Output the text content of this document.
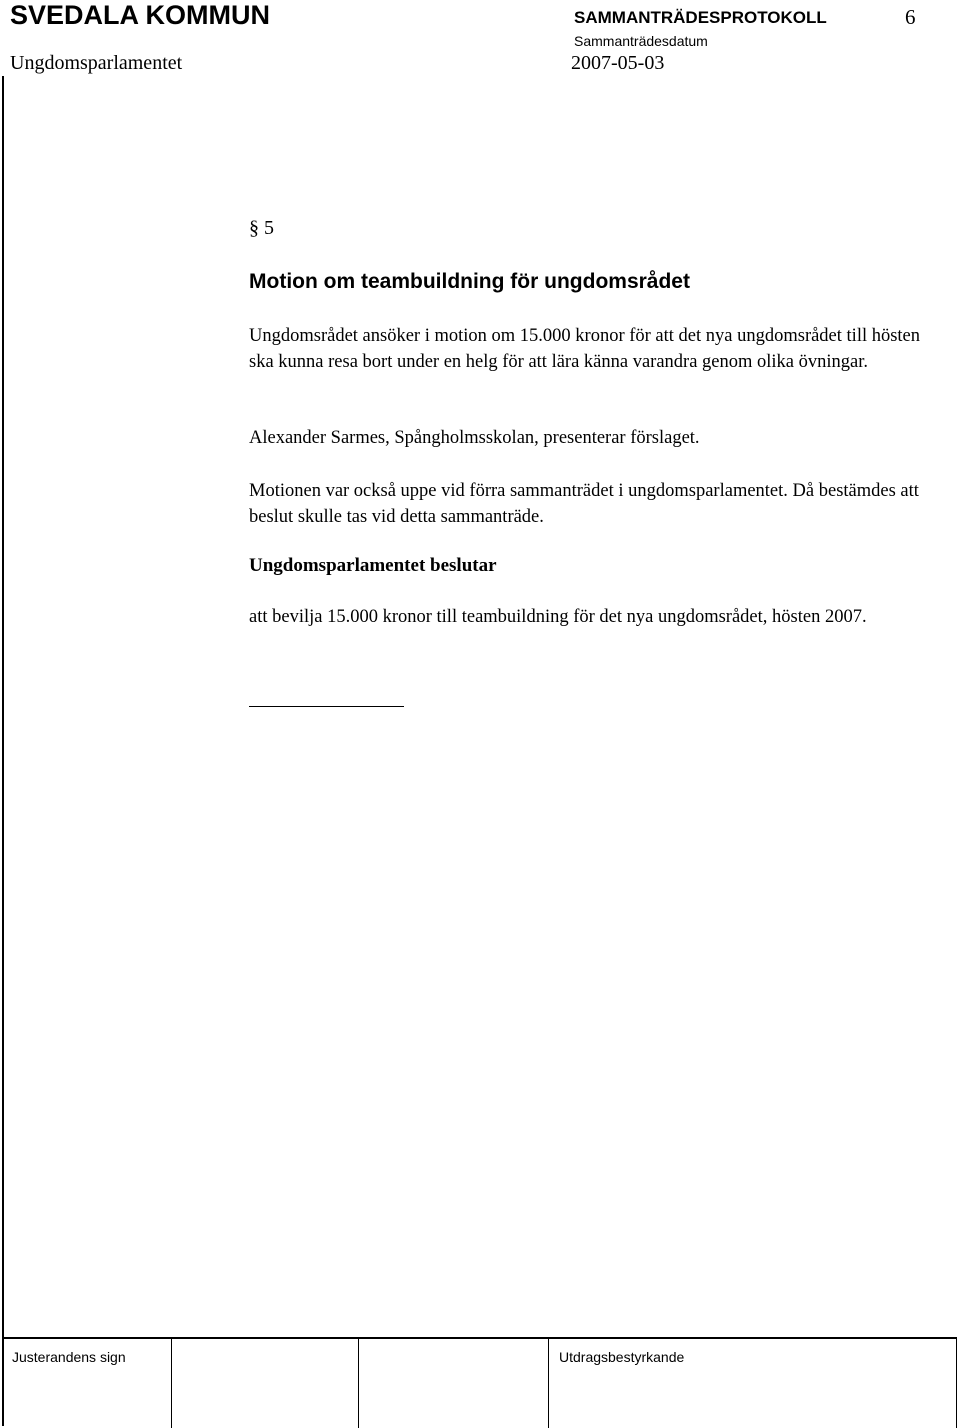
SVEDALA KOMMUN	SAMMANTRÄDESPROTOKOLL	6
Sammanträdesdatum
Ungdomsparlamentet	2007-05-03
§ 5
Motion om teambuildning för ungdomsrådet
Ungdomsrådet ansöker i motion om 15.000 kronor för att det nya ungdomsrådet till hösten ska kunna resa bort under en helg för att lära känna varandra genom olika övningar.
Alexander Sarmes, Spångholmsskolan, presenterar förslaget.
Motionen var också uppe vid förra sammanträdet i ungdomsparlamentet. Då bestämdes att beslut skulle tas vid detta sammanträde.
Ungdomsparlamentet beslutar
att bevilja 15.000 kronor till teambuildning för det nya ungdomsrådet, hösten 2007.
Justerandens sign	Utdragsbestyrkande
